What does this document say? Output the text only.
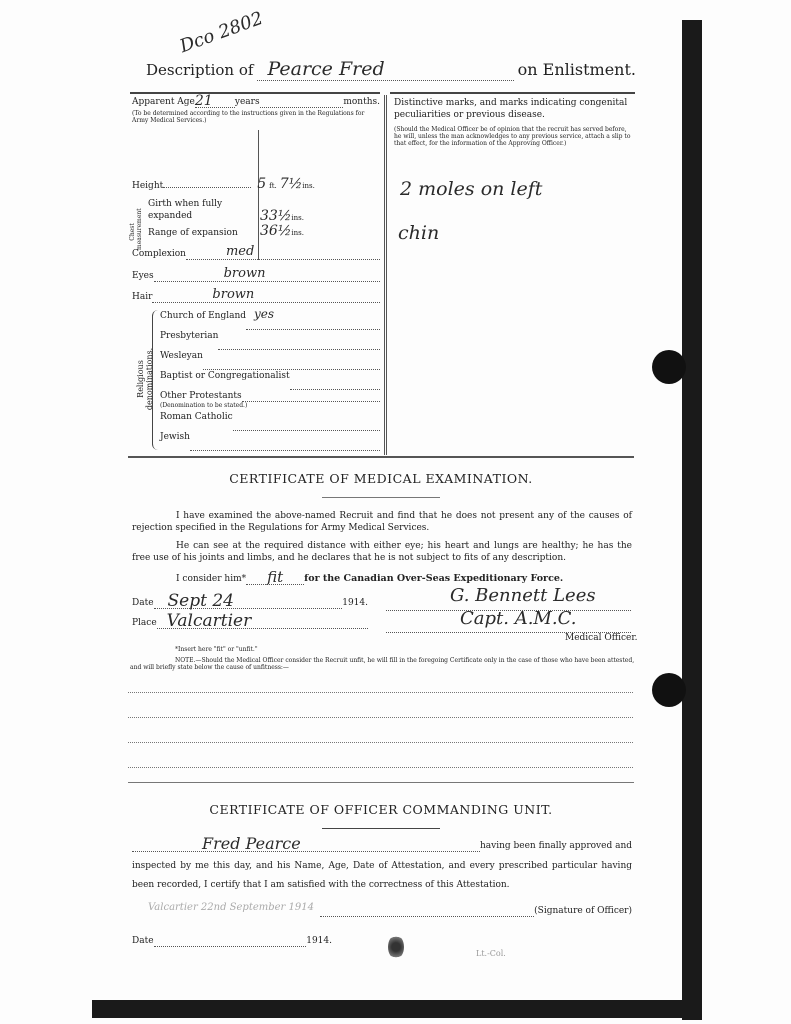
Dco 2802
Description of Pearce Fred	on Enlistment.
Apparent Age 21	years	months.
(To be determined according to the instructions given in the Regulations for Army Medical Services.)
Height	5 ft. 7½ ins.
Chest measurement
Girth when fully expanded	33½ins.
Range of expansion 36½ins.
Complexion	med
Eyes	brown
Hair	brown
Religious denominations.
Church of England yes
Presbyterian
Wesleyan
Baptist or Congregationalist
Other Protestants
(Denomination to be stated.)
Roman Catholic
Jewish
Distinctive marks, and marks indicating congenital peculiarities or previous disease.
(Should the Medical Officer be of opinion that the recruit has served before, he will, unless the man acknowledges to any previous service, attach a slip to that effect, for the information of the Approving Officer.)
2 moles on left
chin
CERTIFICATE OF MEDICAL EXAMINATION.
I have examined the above-named Recruit and find that he does not present any of the causes of rejection specified in the Regulations for Army Medical Services.
He can see at the required distance with either eye; his heart and lungs are healthy; he has the free use of his joints and limbs, and he declares that he is not subject to fits of any description.
I consider him*	fit	for the Canadian Over-Seas Expeditionary Force.
Date Sept 24	1914.
Place Valcartier
G. Bennett Lees
Capt. A.M.C.
Medical Officer.
*Insert here "fit" or "unfit."
NOTE.—Should the Medical Officer consider the Recruit unfit, he will fill in the foregoing Certificate only in the case of those who have been attested, and will briefly state below the cause of unfitness:—
CERTIFICATE OF OFFICER COMMANDING UNIT.
Fred Pearce	having been finally approved and
inspected by me this day, and his Name, Age, Date of Attestation, and every prescribed particular having been recorded, I certify that I am satisfied with the correctness of this Attestation.
Valcartier 22nd September 1914	(Signature of Officer)
Date	1914.
Lt.-Col.
